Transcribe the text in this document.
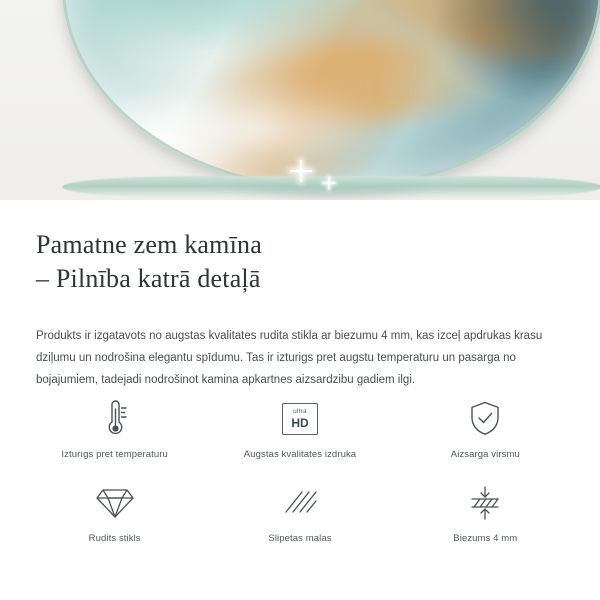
Pamatne zem kamīna
– Pilnība katrā detaļā

Produkts ir izgatavots no augstas kvalitates rudita stikla ar biezumu 4 mm, kas izceļ apdrukas krasu dziļumu un nodrošina elegantu spīdumu. Tas ir izturigs pret augstu temperaturu un pasarga no bojajumiem, tadejadi nodrošinot kamina apkartnes aizsardzibu gadiem ilgi.

Izturıgs pret temperaturu
ultra
HD
Augstas kvalitates izdruka	Aizsarga virsmu
Rudits stikls	Slipetas malas	Biezums 4 mm
